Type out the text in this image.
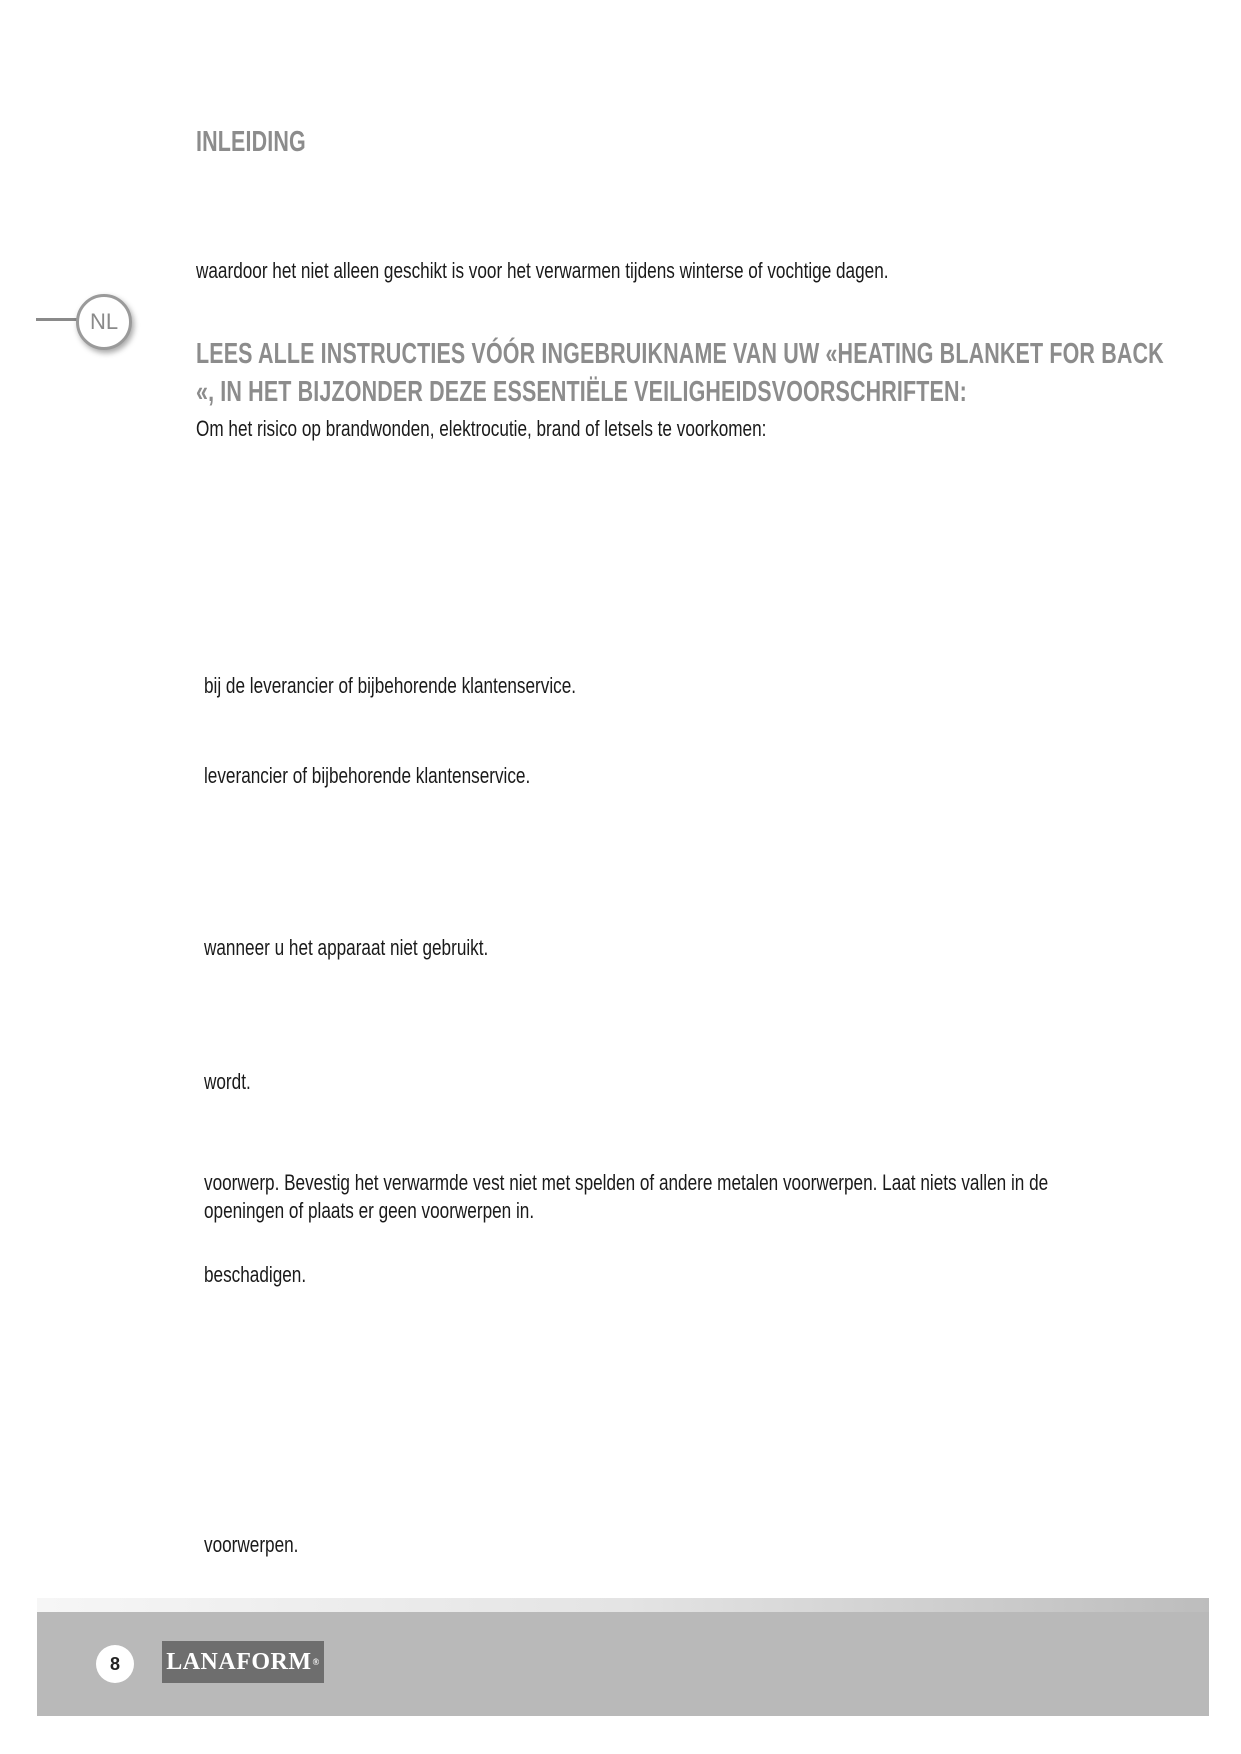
INLEIDING
waardoor het niet alleen geschikt is voor het verwarmen tijdens winterse of vochtige dagen.
NL
LEES ALLE INSTRUCTIES VÓÓR INGEBRUIKNAME VAN UW «HEATING BLANKET FOR BACK
«, IN HET BIJZONDER DEZE ESSENTIËLE VEILIGHEIDSVOORSCHRIFTEN:
Om het risico op brandwonden, elektrocutie, brand of letsels te voorkomen:
bij de leverancier of bijbehorende klantenservice.
leverancier of bijbehorende klantenservice.
wanneer u het apparaat niet gebruikt.
wordt.
voorwerp. Bevestig het verwarmde vest niet met spelden of andere metalen voorwerpen. Laat niets vallen in de
openingen of plaats er geen voorwerpen in.
beschadigen.
voorwerpen.
8 LANAFORM ®
